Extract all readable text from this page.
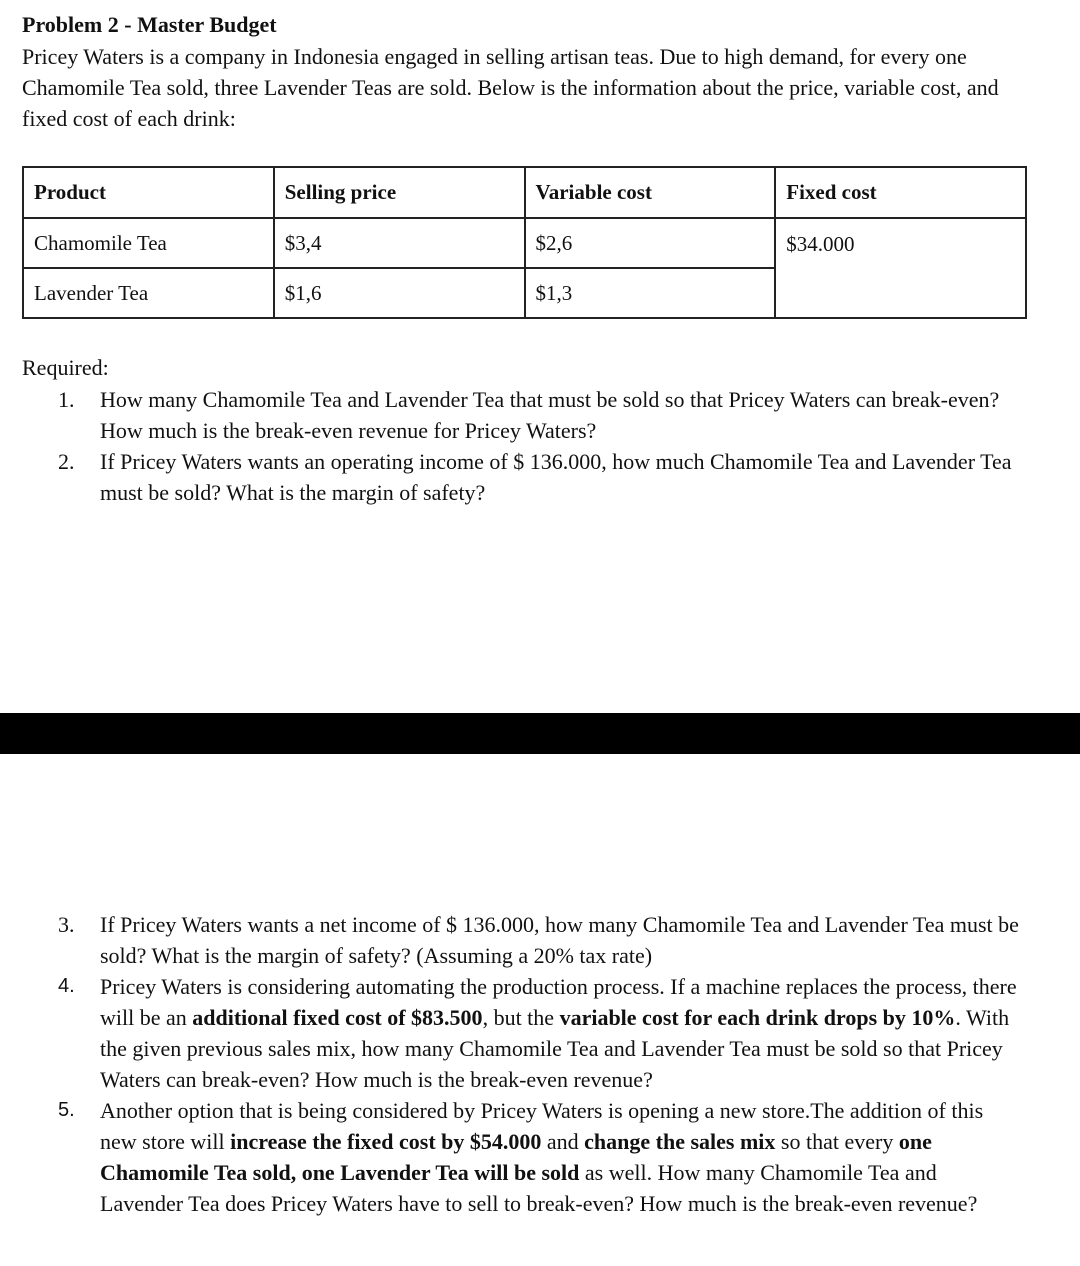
Problem 2 - Master Budget
Pricey Waters is a company in Indonesia engaged in selling artisan teas. Due to high demand, for every one Chamomile Tea sold, three Lavender Teas are sold. Below is the information about the price, variable cost, and fixed cost of each drink:
Product	Selling price	Variable cost	Fixed cost
Chamomile Tea	$3,4	$2,6	$34.000
Lavender Tea	$1,6	$1,3	
Required:
1. How many Chamomile Tea and Lavender Tea that must be sold so that Pricey Waters can break-even? How much is the break-even revenue for Pricey Waters?
2. If Pricey Waters wants an operating income of $ 136.000, how much Chamomile Tea and Lavender Tea must be sold? What is the margin of safety?
3. If Pricey Waters wants a net income of $ 136.000, how many Chamomile Tea and Lavender Tea must be sold? What is the margin of safety? (Assuming a 20% tax rate)
4. Pricey Waters is considering automating the production process. If a machine replaces the process, there will be an additional fixed cost of $83.500, but the variable cost for each drink drops by 10%. With the given previous sales mix, how many Chamomile Tea and Lavender Tea must be sold so that Pricey Waters can break-even? How much is the break-even revenue?
5. Another option that is being considered by Pricey Waters is opening a new store.The addition of this new store will increase the fixed cost by $54.000 and change the sales mix so that every one Chamomile Tea sold, one Lavender Tea will be sold as well. How many Chamomile Tea and Lavender Tea does Pricey Waters have to sell to break-even? How much is the break-even revenue?
